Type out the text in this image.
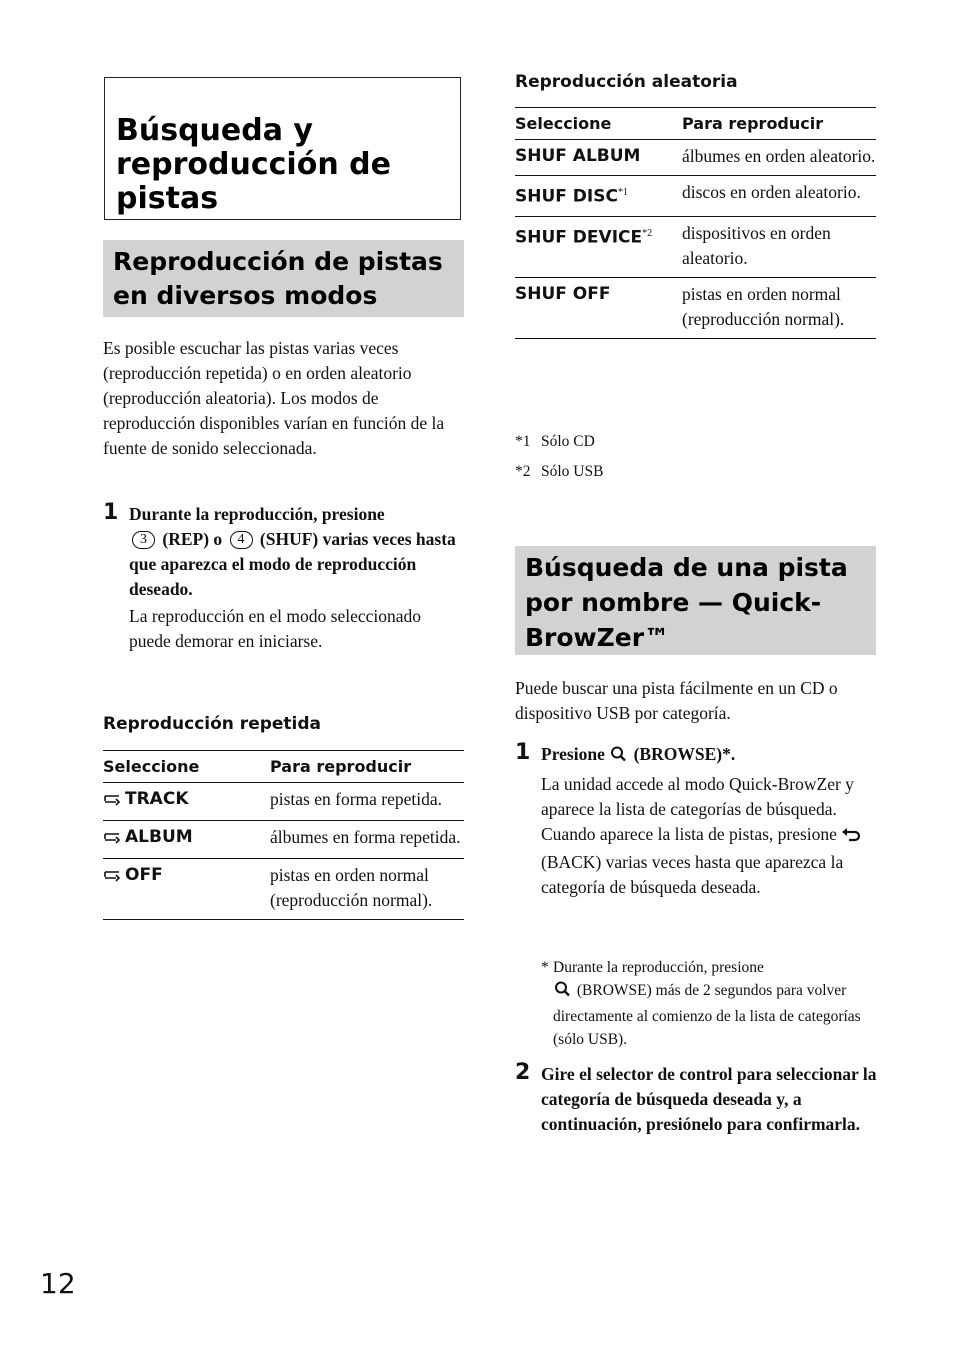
Búsqueda y reproducción de pistas
Reproducción de pistas en diversos modos

Es posible escuchar las pistas varias veces (reproducción repetida) o en orden aleatorio (reproducción aleatoria). Los modos de reproducción disponibles varían en función de la fuente de sonido seleccionada.

1 Durante la reproducción, presione
3 (REP) o 4 (SHUF) varias veces hasta que aparezca el modo de reproducción deseado.
La reproducción en el modo seleccionado puede demorar en iniciarse.
Reproducción repetida
Seleccione	Para reproducir
TRACK	pistas en forma repetida.
ALBUM	álbumes en forma repetida.
OFF	pistas en orden normal (reproducción normal).
Reproducción aleatoria
Seleccione	Para reproducir
SHUF ALBUM	álbumes en orden aleatorio.
SHUF DISC$^{*1}$	discos en orden aleatorio.
SHUF DEVICE$^{*2}$	dispositivos en orden aleatorio.
SHUF OFF	pistas en orden normal (reproducción normal).
*1 Sólo CD
*2 Sólo USB
Búsqueda de una pista por nombre — Quick-BrowZer™

Puede buscar una pista fácilmente en un CD o dispositivo USB por categoría.

1 Presione (BROWSE)*.
La unidad accede al modo Quick-BrowZer y aparece la lista de categorías de búsqueda.
Cuando aparece la lista de pistas, presione  (BACK) varias veces hasta que aparezca la categoría de búsqueda deseada.
* Durante la reproducción, presione
(BROWSE) más de 2 segundos para volver directamente al comienzo de la lista de categorías (sólo USB).
2 Gire el selector de control para seleccionar la categoría de búsqueda deseada y, a continuación, presiónelo para confirmarla.
12
